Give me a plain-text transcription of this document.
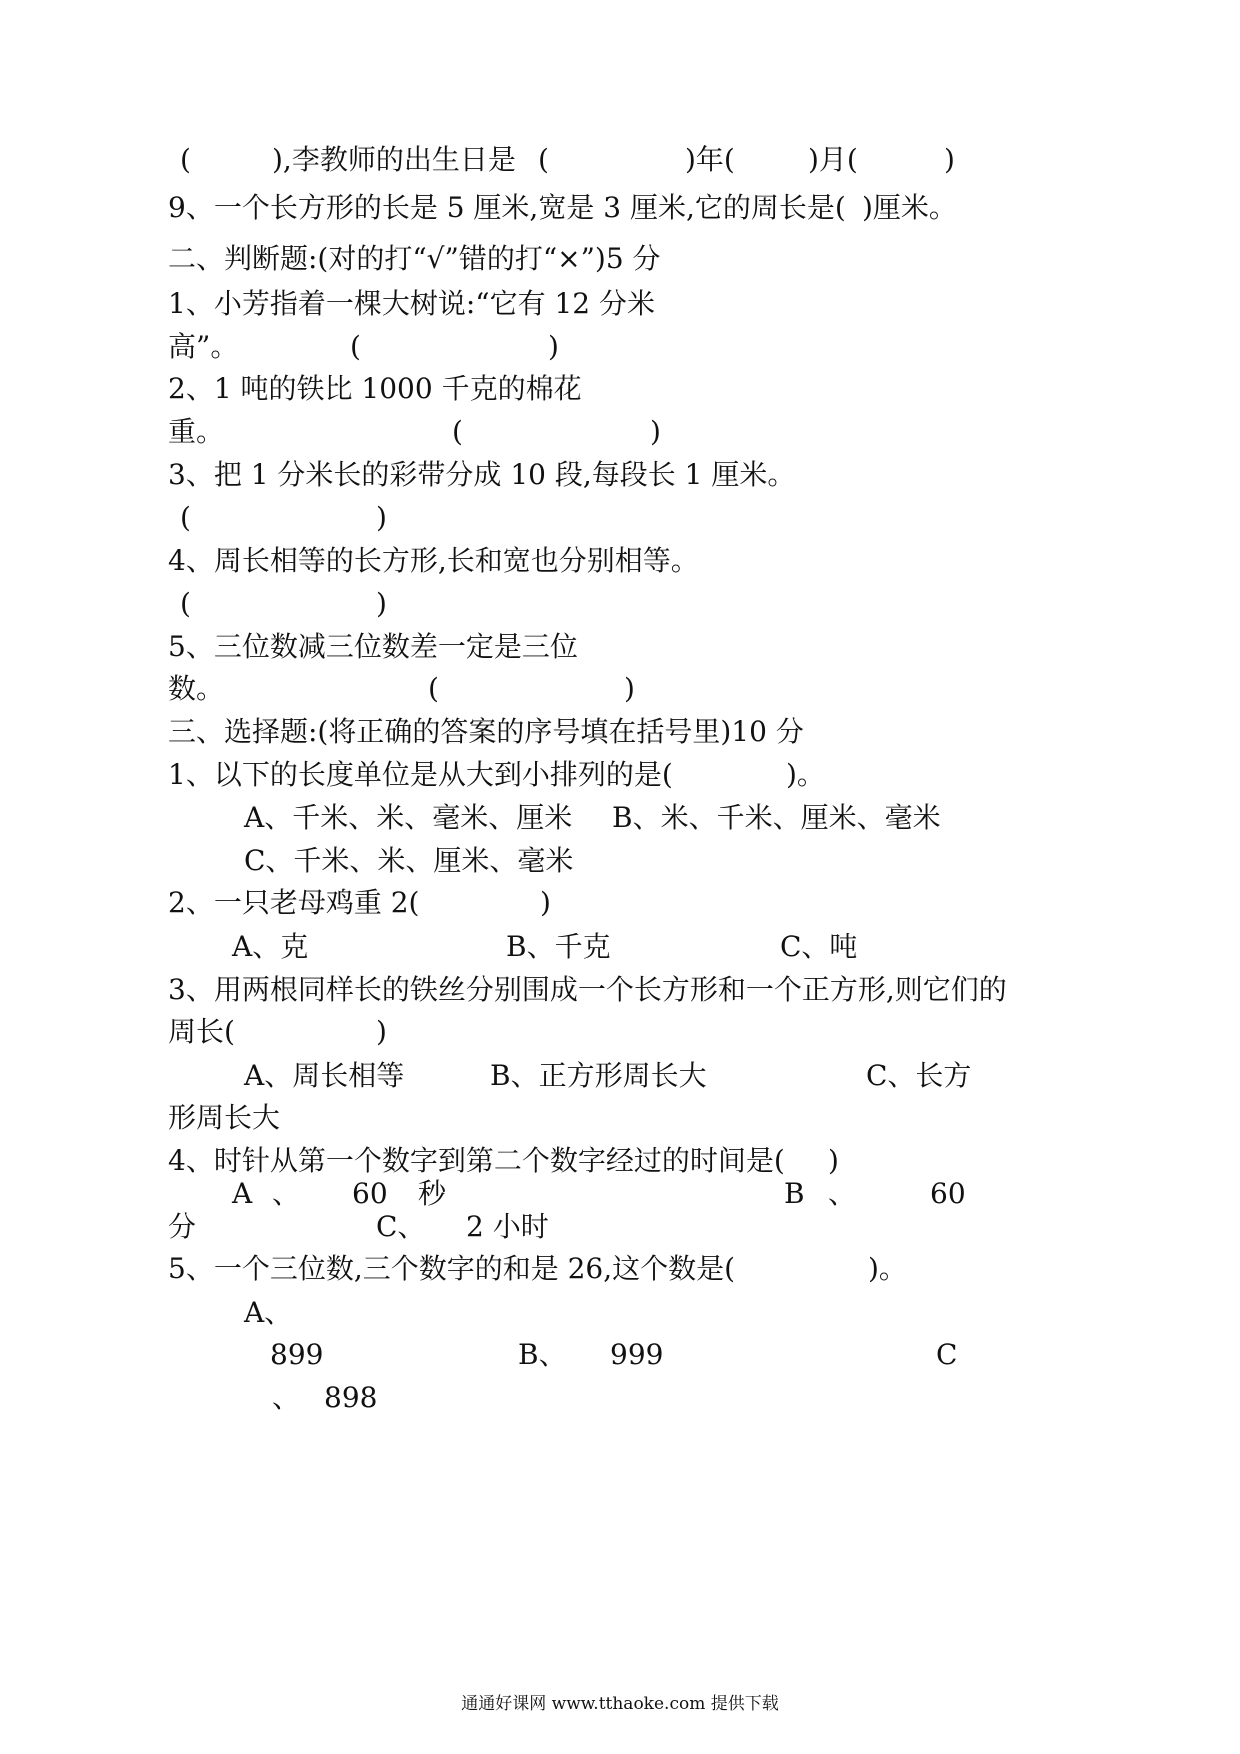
(	),李教师的出生日是 (	)年(	)月(	)
9、一个长方形的长是 5 厘米,宽是 3 厘米,它的周长是( )厘米。
二、判断题:(对的打“√”错的打“×”)5 分
1、小芳指着一棵大树说:“它有 12 分米
高”。	(	)
2、1 吨的铁比 1000 千克的棉花
重。	(	)
3、把 1 分米长的彩带分成 10 段,每段长 1 厘米。
(	)
4、周长相等的长方形,长和宽也分别相等。
(	)
5、三位数减三位数差一定是三位
数。	(	)
三、选择题:(将正确的答案的序号填在括号里)10 分
1、以下的长度单位是从大到小排列的是(	)。
A、千米、米、毫米、厘米 B、米、千米、厘米、毫米
C、千米、米、厘米、毫米
2、一只老母鸡重 2(	)
A、克	B、千克	C、吨
3、用两根同样长的铁丝分别围成一个长方形和一个正方形,则它们的
周长(	)
A、周长相等	B、正方形周长大	C、长方
形周长大
4、时针从第一个数字到第二个数字经过的时间是( )
A 、 60 秒	B 、	60
分	C、 2 小时
5、一个三位数,三个数字的和是 26,这个数是(	)。
A、
899	B、 999	C
、 898
通通好课网 www.tthaoke.com 提供下载
